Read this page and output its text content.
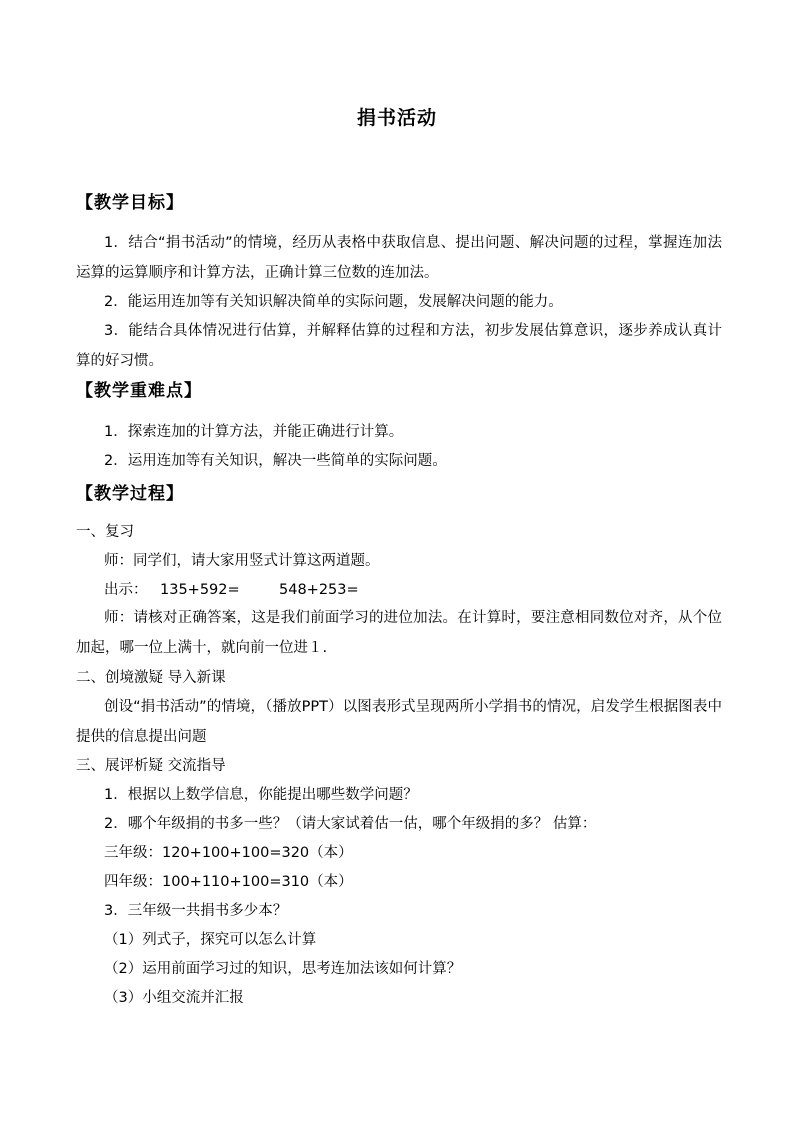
捐书活动
【教学目标】
1．结合“捐书活动”的情境，经历从表格中获取信息、提出问题、解决问题的过程，掌握连加法运算的运算顺序和计算方法，正确计算三位数的连加法。
2．能运用连加等有关知识解决简单的实际问题，发展解决问题的能力。
3．能结合具体情况进行估算，并解释估算的过程和方法，初步发展估算意识，逐步养成认真计算的好习惯。
【教学重难点】
1．探索连加的计算方法，并能正确进行计算。
2．运用连加等有关知识，解决一些简单的实际问题。
【教学过程】
一、复习
师：同学们，请大家用竖式计算这两道题。
出示： 135+592=	548+253=
师：请核对正确答案，这是我们前面学习的进位加法。在计算时，要注意相同数位对齐，从个位加起，哪一位上满十，就向前一位进１.
二、创境激疑 导入新课
创设“捐书活动”的情境，（播放PPT）以图表形式呈现两所小学捐书的情况，启发学生根据图表中提供的信息提出问题
三、展评析疑 交流指导
1．根据以上数学信息，你能提出哪些数学问题？
2．哪个年级捐的书多一些？（请大家试着估一估，哪个年级捐的多？ 估算：
三年级：120+100+100=320（本）
四年级：100+110+100=310（本）
3．三年级一共捐书多少本？
（1）列式子，探究可以怎么计算
（2）运用前面学习过的知识，思考连加法该如何计算？
（3）小组交流并汇报
